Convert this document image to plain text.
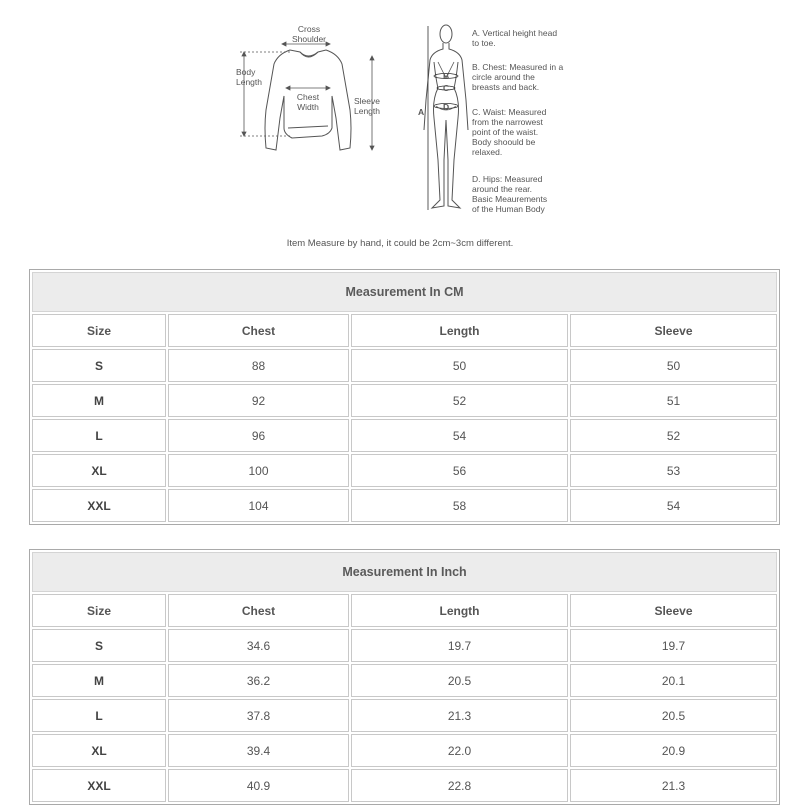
Cross
Shoulder
Body
Length
Chest
Width
Sleeve
Length
B
C
D
A
A. Vertical height head
to toe.
B. Chest: Measured in a
circle around the
breasts and back.
C. Waist: Measured
from the narrowest
point of the waist.
Body shoould be
relaxed.
D. Hips: Measured
around the rear.
Basic Meaurements
of the Human Body
Item Measure by hand, it could be 2cm~3cm different.
Measurement In CM			
Size	Chest	Length	Sleeve
S	88	50	50
M	92	52	51
L	96	54	52
XL	100	56	53
XXL	104	58	54
Measurement In Inch			
Size	Chest	Length	Sleeve
S	34.6	19.7	19.7
M	36.2	20.5	20.1
L	37.8	21.3	20.5
XL	39.4	22.0	20.9
XXL	40.9	22.8	21.3
